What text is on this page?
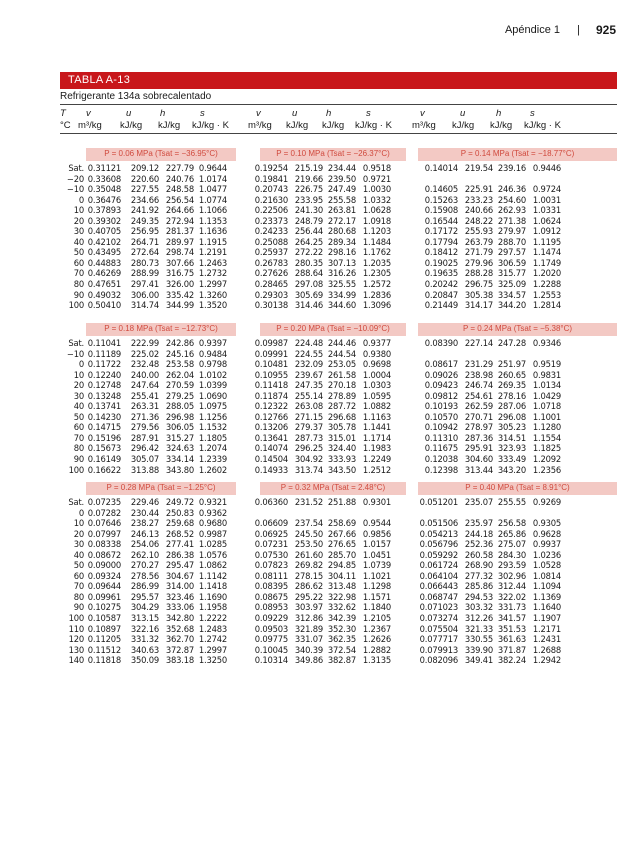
Apéndice 1 | 925
TABLA A-13
Refrigerante 134a sobrecalentado
T v	u	h	s	v	u	h	s	v	u	h	s
°C m³/kg kJ/kg kJ/kg kJ/kg · K m³/kg kJ/kg kJ/kg kJ/kg · K m³/kg kJ/kg kJ/kg kJ/kg · K
P = 0.06 MPa (Tsat = −36.95°C)	P = 0.10 MPa (Tsat = −26.37°C)	P = 0.14 MPa (Tsat = −18.77°C)
Sat. 0.31121	209.12 227.79 0.9644	0.19254 215.19 234.44 0.9518	0.14014 219.54 239.16 0.9446
−20 0.33608	220.60 240.76 1.0174	0.19841 219.66 239.50 0.9721
−10 0.35048	227.55 248.58 1.0477	0.20743 226.75 247.49 1.0030	0.14605 225.91 246.36 0.9724
0 0.36476	234.66 256.54 1.0774	0.21630 233.95 255.58 1.0332	0.15263 233.23 254.60 1.0031
10 0.37893	241.92 264.66 1.1066	0.22506 241.30 263.81 1.0628	0.15908 240.66 262.93 1.0331
20 0.39302	249.35 272.94 1.1353	0.23373 248.79 272.17 1.0918	0.16544 248.22 271.38 1.0624
30 0.40705	256.95 281.37 1.1636	0.24233 256.44 280.68 1.1203	0.17172 255.93 279.97 1.0912
40 0.42102	264.71 289.97 1.1915	0.25088 264.25 289.34 1.1484	0.17794 263.79 288.70 1.1195
50 0.43495	272.64 298.74 1.2191	0.25937 272.22 298.16 1.1762	0.18412 271.79 297.57 1.1474
60 0.44883	280.73 307.66 1.2463	0.26783 280.35 307.13 1.2035	0.19025 279.96 306.59 1.1749
70 0.46269	288.99 316.75 1.2732	0.27626 288.64 316.26 1.2305	0.19635 288.28 315.77 1.2020
80 0.47651	297.41 326.00 1.2997	0.28465 297.08 325.55 1.2572	0.20242 296.75 325.09 1.2288
90 0.49032	306.00 335.42 1.3260	0.29303 305.69 334.99 1.2836	0.20847 305.38 334.57 1.2553
100 0.50410	314.74 344.99 1.3520	0.30138 314.46 344.60 1.3096	0.21449 314.17 344.20 1.2814
P = 0.18 MPa (Tsat = −12.73°C)	P = 0.20 MPa (Tsat = −10.09°C)	P = 0.24 MPa (Tsat = −5.38°C)
Sat. 0.11041	222.99 242.86 0.9397	0.09987 224.48 244.46 0.9377	0.08390 227.14 247.28 0.9346
−10 0.11189	225.02 245.16 0.9484	0.09991 224.55 244.54 0.9380
0 0.11722	232.48 253.58 0.9798	0.10481 232.09 253.05 0.9698	0.08617 231.29 251.97 0.9519
10 0.12240	240.00 262.04 1.0102	0.10955 239.67 261.58 1.0004	0.09026 238.98 260.65 0.9831
20 0.12748	247.64 270.59 1.0399	0.11418 247.35 270.18 1.0303	0.09423 246.74 269.35 1.0134
30 0.13248	255.41 279.25 1.0690	0.11874 255.14 278.89 1.0595	0.09812 254.61 278.16 1.0429
40 0.13741	263.31 288.05 1.0975	0.12322 263.08 287.72 1.0882	0.10193 262.59 287.06 1.0718
50 0.14230	271.36 296.98 1.1256	0.12766 271.15 296.68 1.1163	0.10570 270.71 296.08 1.1001
60 0.14715	279.56 306.05 1.1532	0.13206 279.37 305.78 1.1441	0.10942 278.97 305.23 1.1280
70 0.15196	287.91 315.27 1.1805	0.13641 287.73 315.01 1.1714	0.11310 287.36 314.51 1.1554
80 0.15673	296.42 324.63 1.2074	0.14074 296.25 324.40 1.1983	0.11675 295.91 323.93 1.1825
90 0.16149	305.07 334.14 1.2339	0.14504 304.92 333.93 1.2249	0.12038 304.60 333.49 1.2092
100 0.16622	313.88 343.80 1.2602	0.14933 313.74 343.50 1.2512	0.12398 313.44 343.20 1.2356
P = 0.28 MPa (Tsat = −1.25°C)	P = 0.32 MPa (Tsat = 2.48°C)	P = 0.40 MPa (Tsat = 8.91°C)
Sat. 0.07235	229.46 249.72 0.9321	0.06360 231.52 251.88 0.9301	0.051201 235.07 255.55 0.9269
0 0.07282	230.44 250.83 0.9362
10 0.07646	238.27 259.68 0.9680	0.06609 237.54 258.69 0.9544	0.051506 235.97 256.58 0.9305
20 0.07997	246.13 268.52 0.9987	0.06925 245.50 267.66 0.9856	0.054213 244.18 265.86 0.9628
30 0.08338	254.06 277.41 1.0285	0.07231 253.50 276.65 1.0157	0.056796 252.36 275.07 0.9937
40 0.08672	262.10 286.38 1.0576	0.07530 261.60 285.70 1.0451	0.059292 260.58 284.30 1.0236
50 0.09000	270.27 295.47 1.0862	0.07823 269.82 294.85 1.0739	0.061724 268.90 293.59 1.0528
60 0.09324	278.56 304.67 1.1142	0.08111 278.15 304.11 1.1021	0.064104 277.32 302.96 1.0814
70 0.09644	286.99 314.00 1.1418	0.08395 286.62 313.48 1.1298	0.066443 285.86 312.44 1.1094
80 0.09961	295.57 323.46 1.1690	0.08675 295.22 322.98 1.1571	0.068747 294.53 322.02 1.1369
90 0.10275	304.29 333.06 1.1958	0.08953 303.97 332.62 1.1840	0.071023 303.32 331.73 1.1640
100 0.10587	313.15 342.80 1.2222	0.09229 312.86 342.39 1.2105	0.073274 312.26 341.57 1.1907
110 0.10897	322.16 352.68 1.2483	0.09503 321.89 352.30 1.2367	0.075504 321.33 351.53 1.2171
120 0.11205	331.32 362.70 1.2742	0.09775 331.07 362.35 1.2626	0.077717 330.55 361.63 1.2431
130 0.11512	340.63 372.87 1.2997	0.10045 340.39 372.54 1.2882	0.079913 339.90 371.87 1.2688
140 0.11818	350.09 383.18 1.3250	0.10314 349.86 382.87 1.3135	0.082096 349.41 382.24 1.2942
